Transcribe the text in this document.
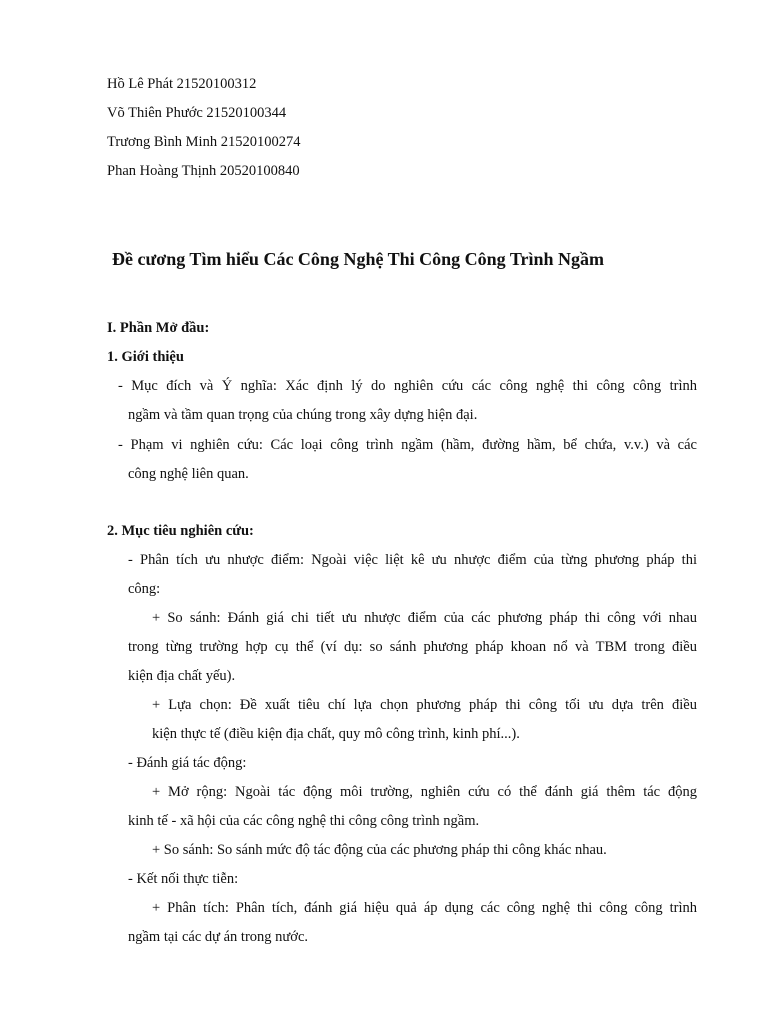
Hồ Lê Phát 21520100312
Võ Thiên Phước 21520100344
Trương Bình Minh 21520100274
Phan Hoàng Thịnh 20520100840
Đề cương Tìm hiểu Các Công Nghệ Thi Công Công Trình Ngầm
I. Phần Mở đầu:
1. Giới thiệu
- Mục đích và Ý nghĩa: Xác định lý do nghiên cứu các công nghệ thi công công trình
ngầm và tầm quan trọng của chúng trong xây dựng hiện đại.
- Phạm vi nghiên cứu: Các loại công trình ngầm (hầm, đường hầm, bể chứa, v.v.) và các
công nghệ liên quan.
2. Mục tiêu nghiên cứu:
- Phân tích ưu nhược điểm: Ngoài việc liệt kê ưu nhược điểm của từng phương pháp thi
công:
+ So sánh: Đánh giá chi tiết ưu nhược điểm của các phương pháp thi công với nhau
trong từng trường hợp cụ thể (ví dụ: so sánh phương pháp khoan nổ và TBM trong điều
kiện địa chất yếu).
+ Lựa chọn: Đề xuất tiêu chí lựa chọn phương pháp thi công tối ưu dựa trên điều
kiện thực tế (điều kiện địa chất, quy mô công trình, kinh phí...).
- Đánh giá tác động:
+ Mở rộng: Ngoài tác động môi trường, nghiên cứu có thể đánh giá thêm tác động
kinh tế - xã hội của các công nghệ thi công công trình ngầm.
+ So sánh: So sánh mức độ tác động của các phương pháp thi công khác nhau.
- Kết nối thực tiễn:
+ Phân tích: Phân tích, đánh giá hiệu quả áp dụng các công nghệ thi công công trình
ngầm tại các dự án trong nước.
